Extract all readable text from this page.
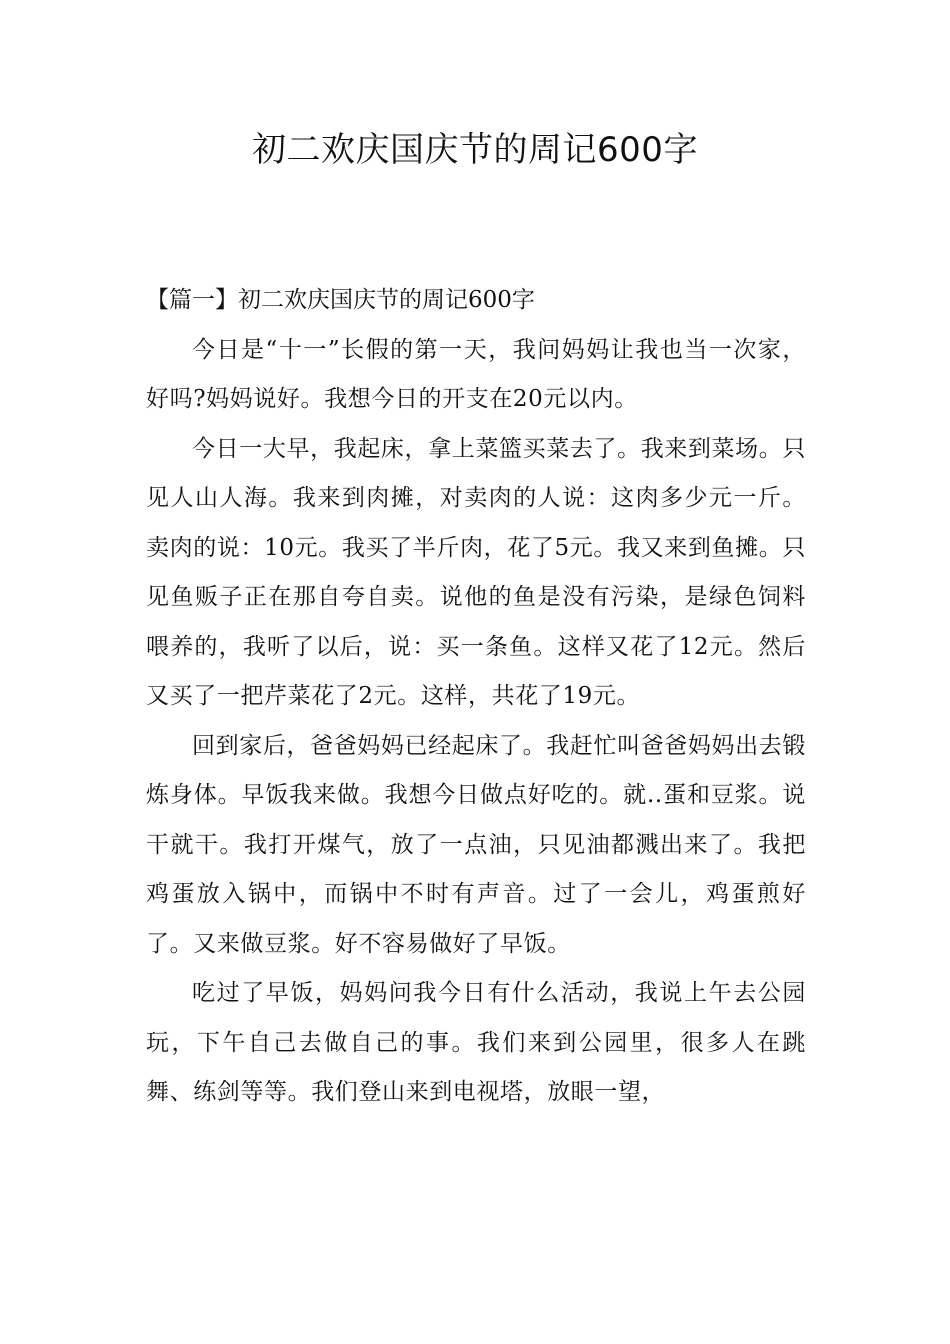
初二欢庆国庆节的周记600字

【篇一】初二欢庆国庆节的周记600字

今日是“十一”长假的第一天，我问妈妈让我也当一次家，好吗?妈妈说好。我想今日的开支在20元以内。

今日一大早，我起床，拿上菜篮买菜去了。我来到菜场。只见人山人海。我来到肉摊，对卖肉的人说：这肉多少元一斤。卖肉的说：10元。我买了半斤肉，花了5元。我又来到鱼摊。只见鱼贩子正在那自夸自卖。说他的鱼是没有污染，是绿色饲料喂养的，我听了以后，说：买一条鱼。这样又花了12元。然后又买了一把芹菜花了2元。这样，共花了19元。

回到家后，爸爸妈妈已经起床了。我赶忙叫爸爸妈妈出去锻炼身体。早饭我来做。我想今日做点好吃的。就..蛋和豆浆。说干就干。我打开煤气，放了一点油，只见油都溅出来了。我把鸡蛋放入锅中，而锅中不时有声音。过了一会儿，鸡蛋煎好了。又来做豆浆。好不容易做好了早饭。

吃过了早饭，妈妈问我今日有什么活动，我说上午去公园玩，下午自己去做自己的事。我们来到公园里，很多人在跳舞、练剑等等。我们登山来到电视塔，放眼一望，
